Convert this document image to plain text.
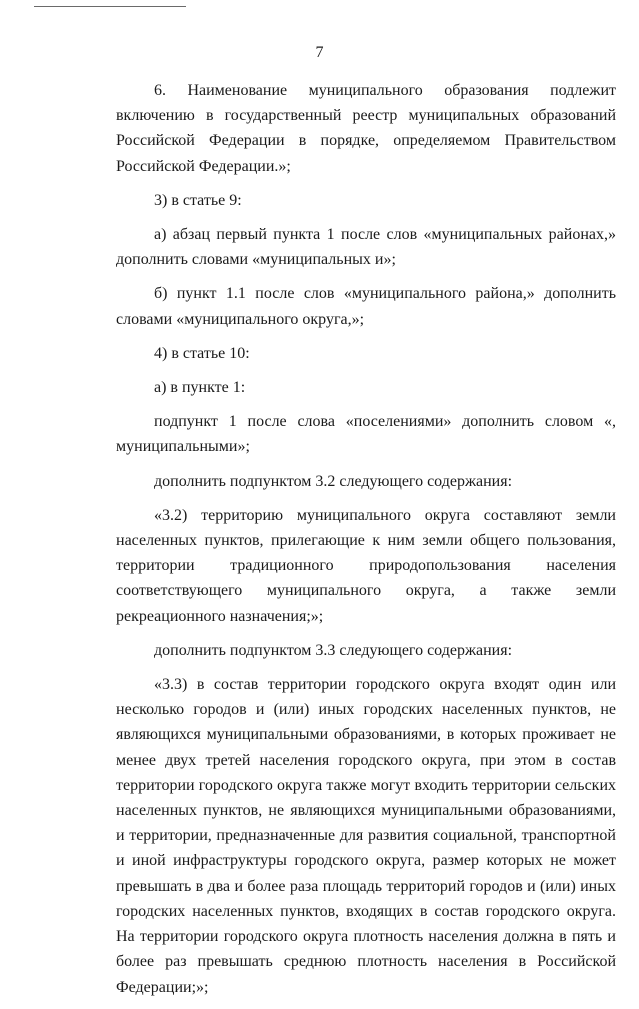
7

6. Наименование муниципального образования подлежит включению в государственный реестр муниципальных образований Российской Федерации в порядке, определяемом Правительством Российской Федерации.»;

3) в статье 9:

а) абзац первый пункта 1 после слов «муниципальных районах,» дополнить словами «муниципальных и»;

б) пункт 1.1 после слов «муниципального района,» дополнить словами «муниципального округа,»;

4) в статье 10:

а) в пункте 1:

подпункт 1 после слова «поселениями» дополнить словом «, муниципальными»;

дополнить подпунктом 3.2 следующего содержания:

«3.2) территорию муниципального округа составляют земли населенных пунктов, прилегающие к ним земли общего пользования, территории традиционного природопользования населения соответствующего муниципального округа, а также земли рекреационного назначения;»;

дополнить подпунктом 3.3 следующего содержания:

«3.3) в состав территории городского округа входят один или несколько городов и (или) иных городских населенных пунктов, не являющихся муниципальными образованиями, в которых проживает не менее двух третей населения городского округа, при этом в состав территории городского округа также могут входить территории сельских населенных пунктов, не являющихся муниципальными образованиями, и территории, предназначенные для развития социальной, транспортной и иной инфраструктуры городского округа, размер которых не может превышать в два и более раза площадь территорий городов и (или) иных городских населенных пунктов, входящих в состав городского округа. На территории городского округа плотность населения должна в пять и более раз превышать среднюю плотность населения в Российской Федерации;»;
